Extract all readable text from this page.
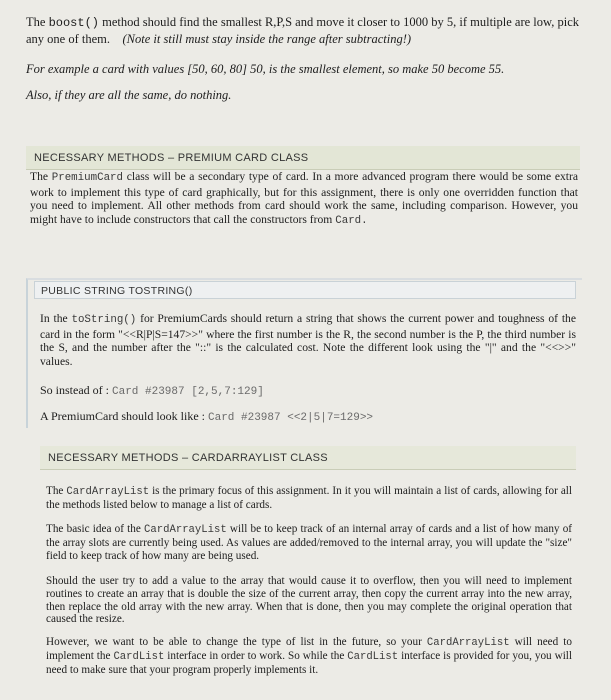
The boost() method should find the smallest R,P,S and move it closer to 1000 by 5, if multiple are low, pick any one of them. (Note it still must stay inside the range after subtracting!)

For example a card with values [50, 60, 80] 50, is the smallest element, so make 50 become 55.

Also, if they are all the same, do nothing.

NECESSARY METHODS – PREMIUM CARD CLASS

The PremiumCard class will be a secondary type of card. In a more advanced program there would be some extra work to implement this type of card graphically, but for this assignment, there is only one overridden function that you need to implement. All other methods from card should work the same, including comparison. However, you might have to include constructors that call the constructors from Card.

PUBLIC STRING TOSTRING()

In the toString() for PremiumCards should return a string that shows the current power and toughness of the card in the form "<<R|P|S=147>>" where the first number is the R, the second number is the P, the third number is the S, and the number after the "::" is the calculated cost. Note the different look using the "|" and the "<<>>" values.

So instead of : Card #23987 [2,5,7:129]
A PremiumCard should look like : Card #23987 <<2|5|7=129>>
NECESSARY METHODS – CARDARRAYLIST CLASS
The CardArrayList is the primary focus of this assignment. In it you will maintain a list of cards, allowing for all the methods listed below to manage a list of cards.
The basic idea of the CardArrayList will be to keep track of an internal array of cards and a list of how many of the array slots are currently being used. As values are added/removed to the internal array, you will update the "size" field to keep track of how many are being used.
Should the user try to add a value to the array that would cause it to overflow, then you will need to implement routines to create an array that is double the size of the current array, then copy the current array into the new array, then replace the old array with the new array. When that is done, then you may complete the original operation that caused the resize.
However, we want to be able to change the type of list in the future, so your CardArrayList will need to implement the CardList interface in order to work. So while the CardList interface is provided for you, you will need to make sure that your program properly implements it.
